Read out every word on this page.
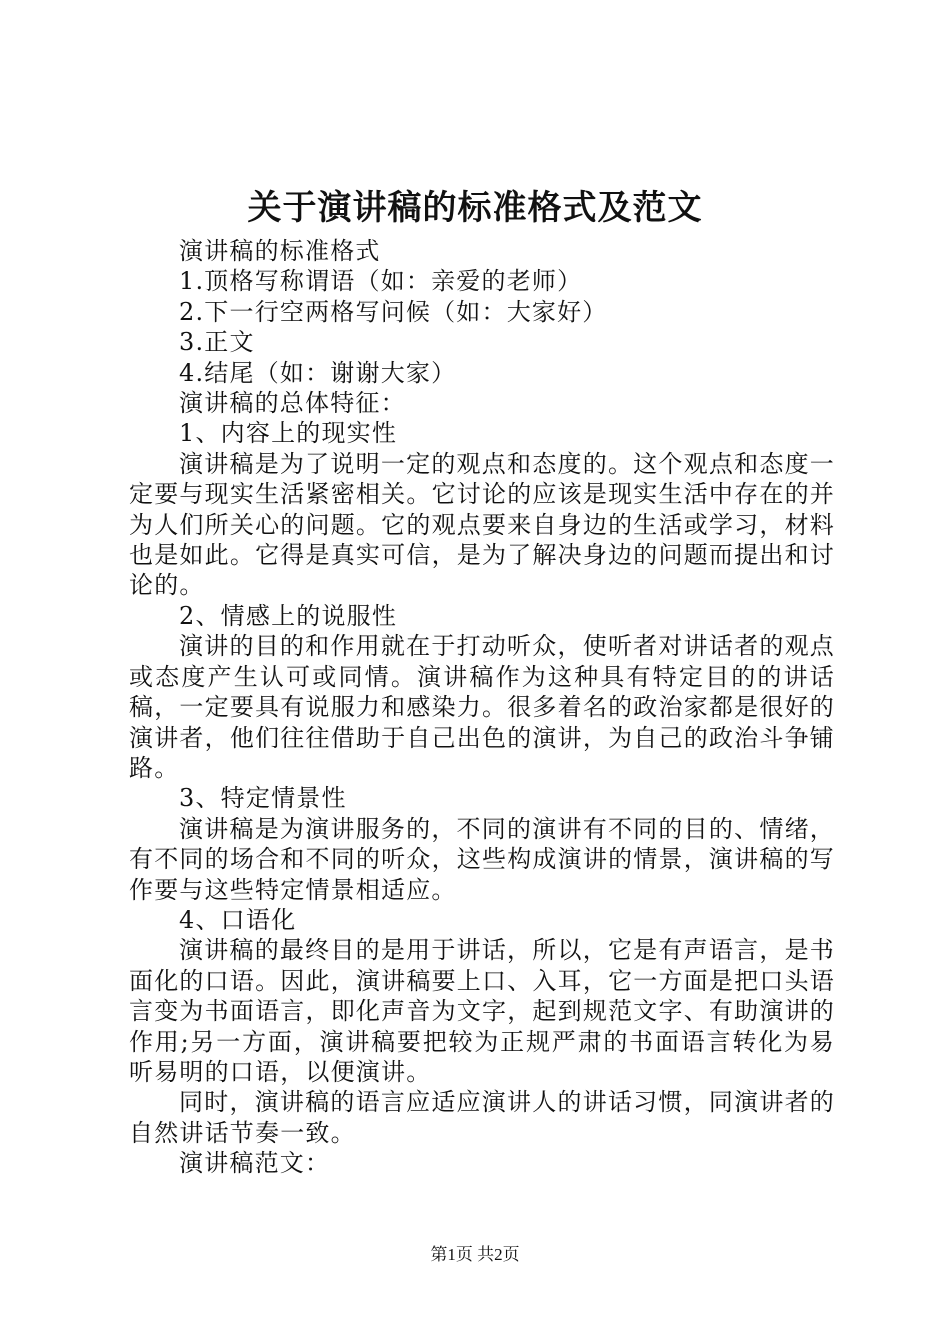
关于演讲稿的标准格式及范文

演讲稿的标准格式

1.顶格写称谓语（如：亲爱的老师）

2.下一行空两格写问候（如：大家好）

3.正文

4.结尾（如：谢谢大家）

演讲稿的总体特征：

1、内容上的现实性

演讲稿是为了说明一定的观点和态度的。这个观点和态度一定要与现实生活紧密相关。它讨论的应该是现实生活中存在的并为人们所关心的问题。它的观点要来自身边的生活或学习，材料也是如此。它得是真实可信，是为了解决身边的问题而提出和讨论的。

2、情感上的说服性

演讲的目的和作用就在于打动听众，使听者对讲话者的观点或态度产生认可或同情。演讲稿作为这种具有特定目的的讲话稿，一定要具有说服力和感染力。很多着名的政治家都是很好的演讲者，他们往往借助于自己出色的演讲，为自己的政治斗争铺路。

3、特定情景性

演讲稿是为演讲服务的，不同的演讲有不同的目的、情绪，有不同的场合和不同的听众，这些构成演讲的情景，演讲稿的写作要与这些特定情景相适应。

4、口语化

演讲稿的最终目的是用于讲话，所以，它是有声语言，是书面化的口语。因此，演讲稿要上口、入耳，它一方面是把口头语言变为书面语言，即化声音为文字，起到规范文字、有助演讲的作用;另一方面，演讲稿要把较为正规严肃的书面语言转化为易听易明的口语，以便演讲。

同时，演讲稿的语言应适应演讲人的讲话习惯，同演讲者的自然讲话节奏一致。

演讲稿范文：

第1页 共2页
